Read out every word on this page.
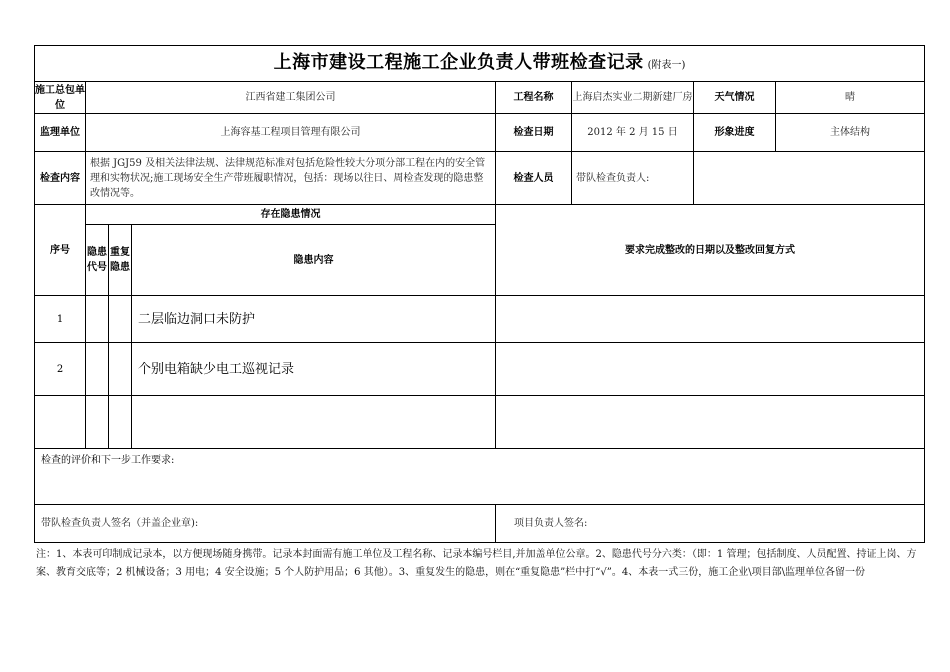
上海市建设工程施工企业负责人带班检查记录 (附表一)							
施工总包单位	江西省建工集团公司			工程名称	上海启杰实业二期新建厂房	天气情况	晴
监理单位	上海容基工程项目管理有限公司			检查日期	2012 年 2 月 15 日	形象进度	主体结构
检查内容	根据 JGJ59 及相关法律法规、法律规范标准对包括危险性较大分项分部工程在内的安全管理和实物状况;施工现场安全生产带班履职情况，包括：现场以往日、周检查发现的隐患整改情况等。			检查人员	带队检查负责人:		
序号	存在隐患情况			要求完成整改的日期以及整改回复方式			
	隐患代号	重复隐患	隐患内容				
1			二层临边洞口未防护				
2			个别电箱缺少电工巡视记录				

检查的评价和下一步工作要求:							
带队检查负责人签名（并盖企业章):				项目负责人签名:			
注：1、本表可印制成记录本，以方便现场随身携带。记录本封面需有施工单位及工程名称、记录本编号栏目,并加盖单位公章。2、隐患代号分六类：（即：1 管理；包括制度、人员配置、持证上岗、方案、教育交底等；2 机械设备；3 用电；4 安全设施；5 个人防护用品；6 其他）。3、重复发生的隐患，则在“重复隐患”栏中打“√”。4、本表一式三份，施工企业\项目部\监理单位各留一份
